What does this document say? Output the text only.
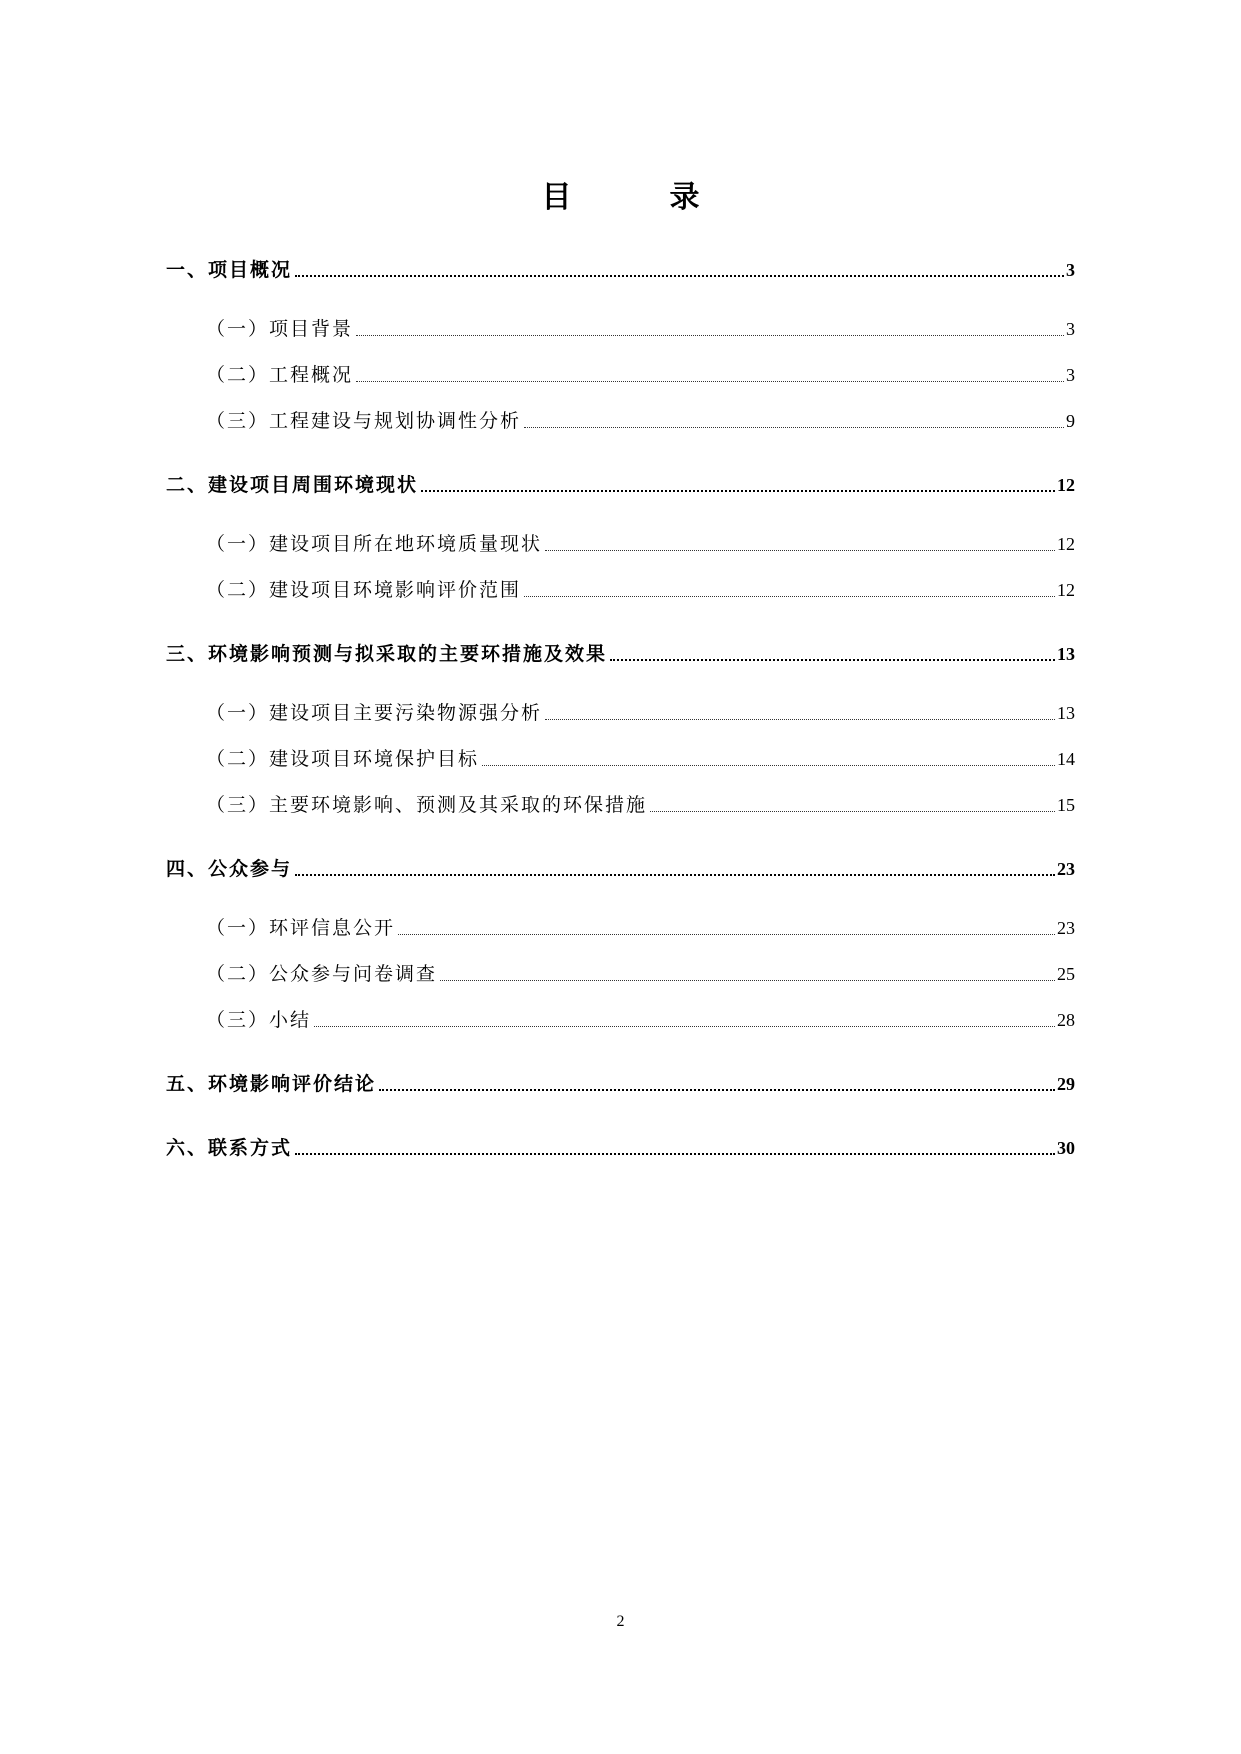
目　录
一、项目概况	3
（一）项目背景	3
（二）工程概况	3
（三）工程建设与规划协调性分析	9
二、建设项目周围环境现状	12
（一）建设项目所在地环境质量现状	12
（二）建设项目环境影响评价范围	12
三、环境影响预测与拟采取的主要环措施及效果	13
（一）建设项目主要污染物源强分析	13
（二）建设项目环境保护目标	14
（三）主要环境影响、预测及其采取的环保措施	15
四、公众参与	23
（一）环评信息公开	23
（二）公众参与问卷调查	25
（三）小结	28
五、环境影响评价结论	29
六、联系方式	30
2
